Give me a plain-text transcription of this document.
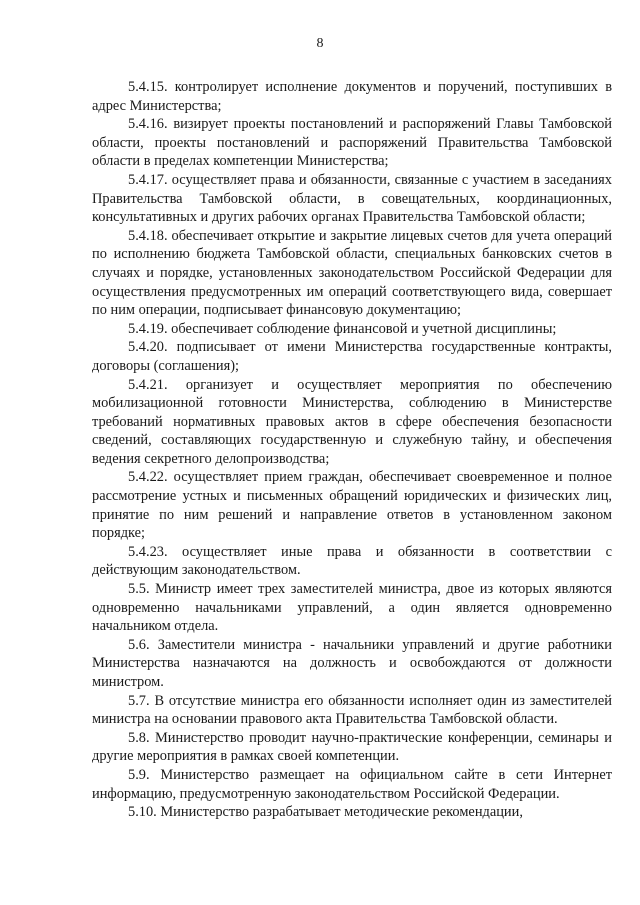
8

5.4.15. контролирует исполнение документов и поручений, поступивших в адрес Министерства;

5.4.16. визирует проекты постановлений и распоряжений Главы Тамбовской области, проекты постановлений и распоряжений Правительства Тамбовской области в пределах компетенции Министерства;

5.4.17. осуществляет права и обязанности, связанные с участием в заседаниях Правительства Тамбовской области, в совещательных, координационных, консультативных и других рабочих органах Правительства Тамбовской области;

5.4.18. обеспечивает открытие и закрытие лицевых счетов для учета операций по исполнению бюджета Тамбовской области, специальных банковских счетов в случаях и порядке, установленных законодательством Российской Федерации для осуществления предусмотренных им операций соответствующего вида, совершает по ним операции, подписывает финансовую документацию;

5.4.19. обеспечивает соблюдение финансовой и учетной дисциплины;

5.4.20. подписывает от имени Министерства государственные контракты, договоры (соглашения);

5.4.21. организует и осуществляет мероприятия по обеспечению мобилизационной готовности Министерства, соблюдению в Министерстве требований нормативных правовых актов в сфере обеспечения безопасности сведений, составляющих государственную и служебную тайну, и обеспечения ведения секретного делопроизводства;

5.4.22. осуществляет прием граждан, обеспечивает своевременное и полное рассмотрение устных и письменных обращений юридических и физических лиц, принятие по ним решений и направление ответов в установленном законом порядке;

5.4.23. осуществляет иные права и обязанности в соответствии с действующим законодательством.

5.5. Министр имеет трех заместителей министра, двое из которых являются одновременно начальниками управлений, а один является одновременно начальником отдела.

5.6. Заместители министра - начальники управлений и другие работники Министерства назначаются на должность и освобождаются от должности министром.

5.7. В отсутствие министра его обязанности исполняет один из заместителей министра на основании правового акта Правительства Тамбовской области.

5.8. Министерство проводит научно-практические конференции, семинары и другие мероприятия в рамках своей компетенции.

5.9. Министерство размещает на официальном сайте в сети Интернет информацию, предусмотренную законодательством Российской Федерации.

5.10. Министерство разрабатывает методические рекомендации,
